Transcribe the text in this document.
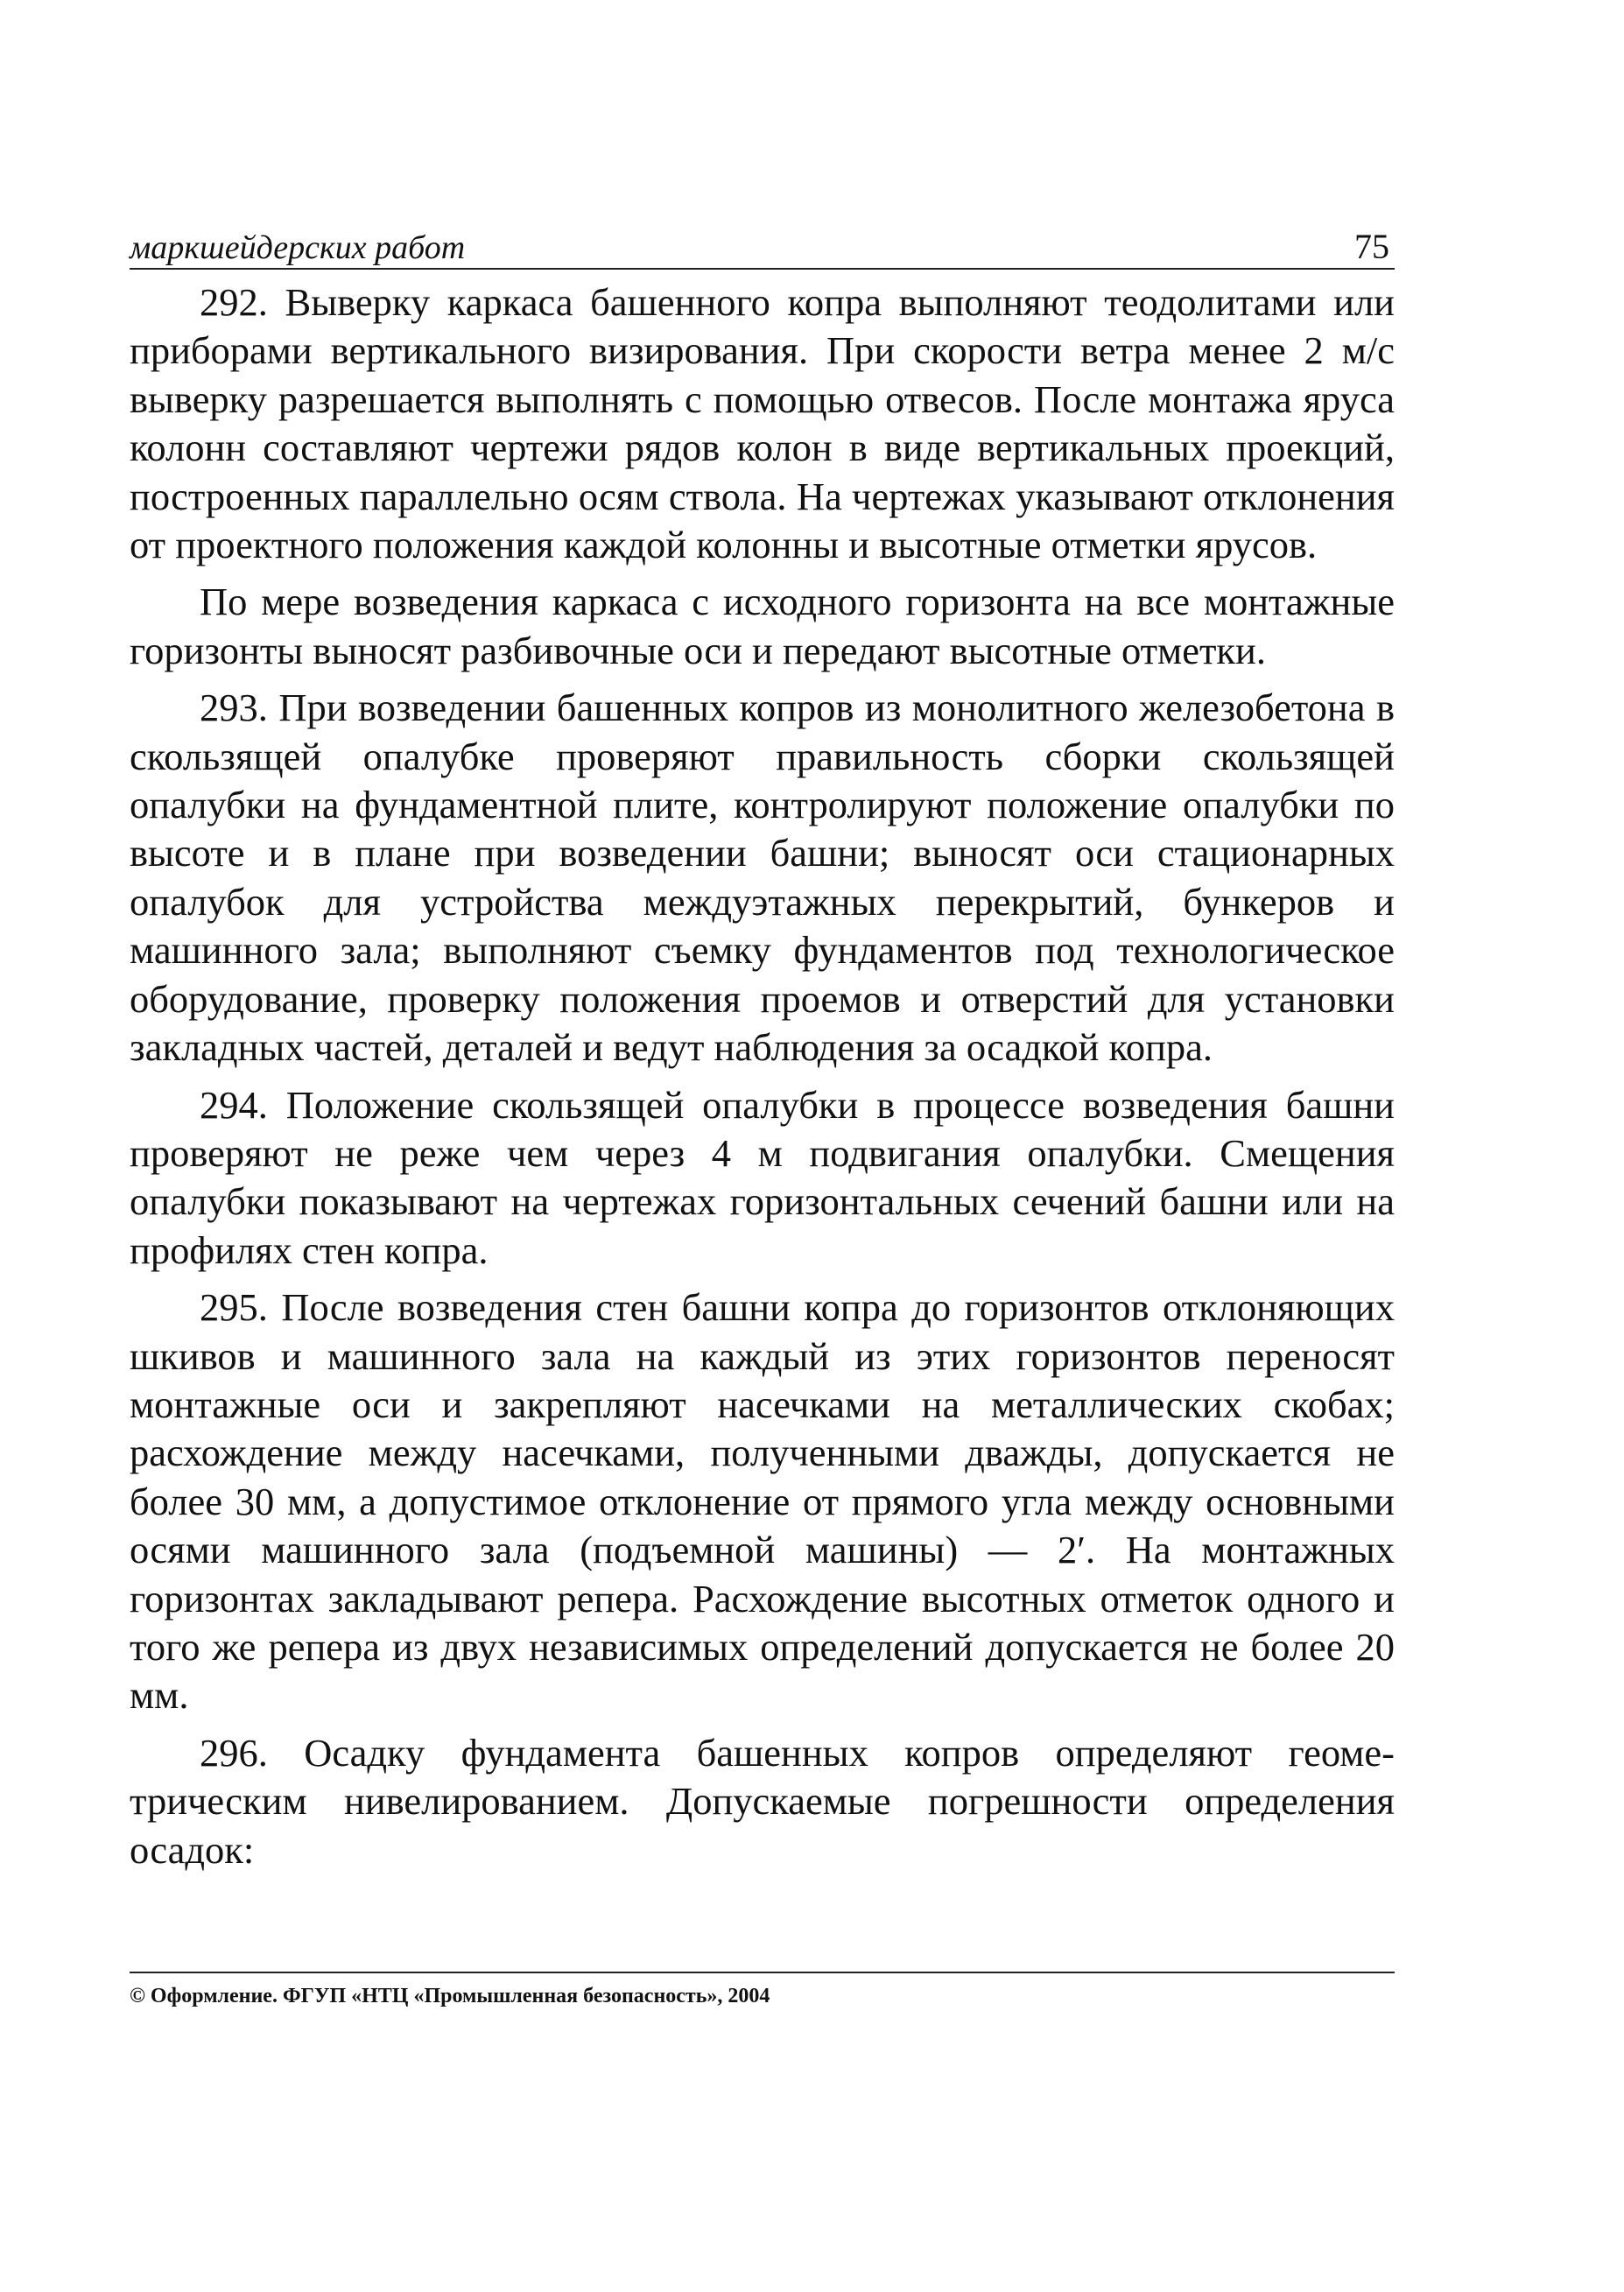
маркшейдерских работ	75

292. Выверку каркаса башенного копра выполняют теодолитами или приборами вертикального визирования. При скорости ветра менее 2 м/с выверку разрешается выполнять с помощью отвесов. После монтажа яруса колонн составляют чертежи рядов колон в виде вертикальных проекций, построенных параллельно осям ствола. На чертежах указывают отклонения от проектного положения каждой колонны и высотные отметки ярусов.

По мере возведения каркаса с исходного горизонта на все монтажные горизонты выносят разбивочные оси и передают высотные отметки.

293. При возведении башенных копров из монолитного железобетона в скользящей опалубке проверяют правильность сборки скользящей опалубки на фундаментной плите, контролируют положение опалубки по высоте и в плане при возведении башни; выносят оси стационарных опалубок для устройства междуэтажных перекрытий, бункеров и машинного зала; выполняют съемку фундаментов под технологическое оборудование, проверку положения проемов и отверстий для установки закладных частей, деталей и ведут наблюдения за осадкой копра.

294. Положение скользящей опалубки в процессе возведения башни проверяют не реже чем через 4 м подвигания опалубки. Смещения опалубки показывают на чертежах горизонтальных сечений башни или на профилях стен копра.

295. После возведения стен башни копра до горизонтов отклоняющих шкивов и машинного зала на каждый из этих горизонтов переносят монтажные оси и закрепляют насечками на металлических скобах; расхождение между насечками, полученными дважды, допускается не более 30 мм, а допустимое отклонение от прямого угла между основными осями машинного зала (подъемной машины) — 2′. На монтажных горизонтах закладывают репера. Расхождение высотных отметок одного и того же репера из двух независимых определений допускается не более 20 мм.

296. Осадку фундамента башенных копров определяют геометрическим нивелированием. Допускаемые погрешности определения осадок:

© Оформление. ФГУП «НТЦ «Промышленная безопасность», 2004
